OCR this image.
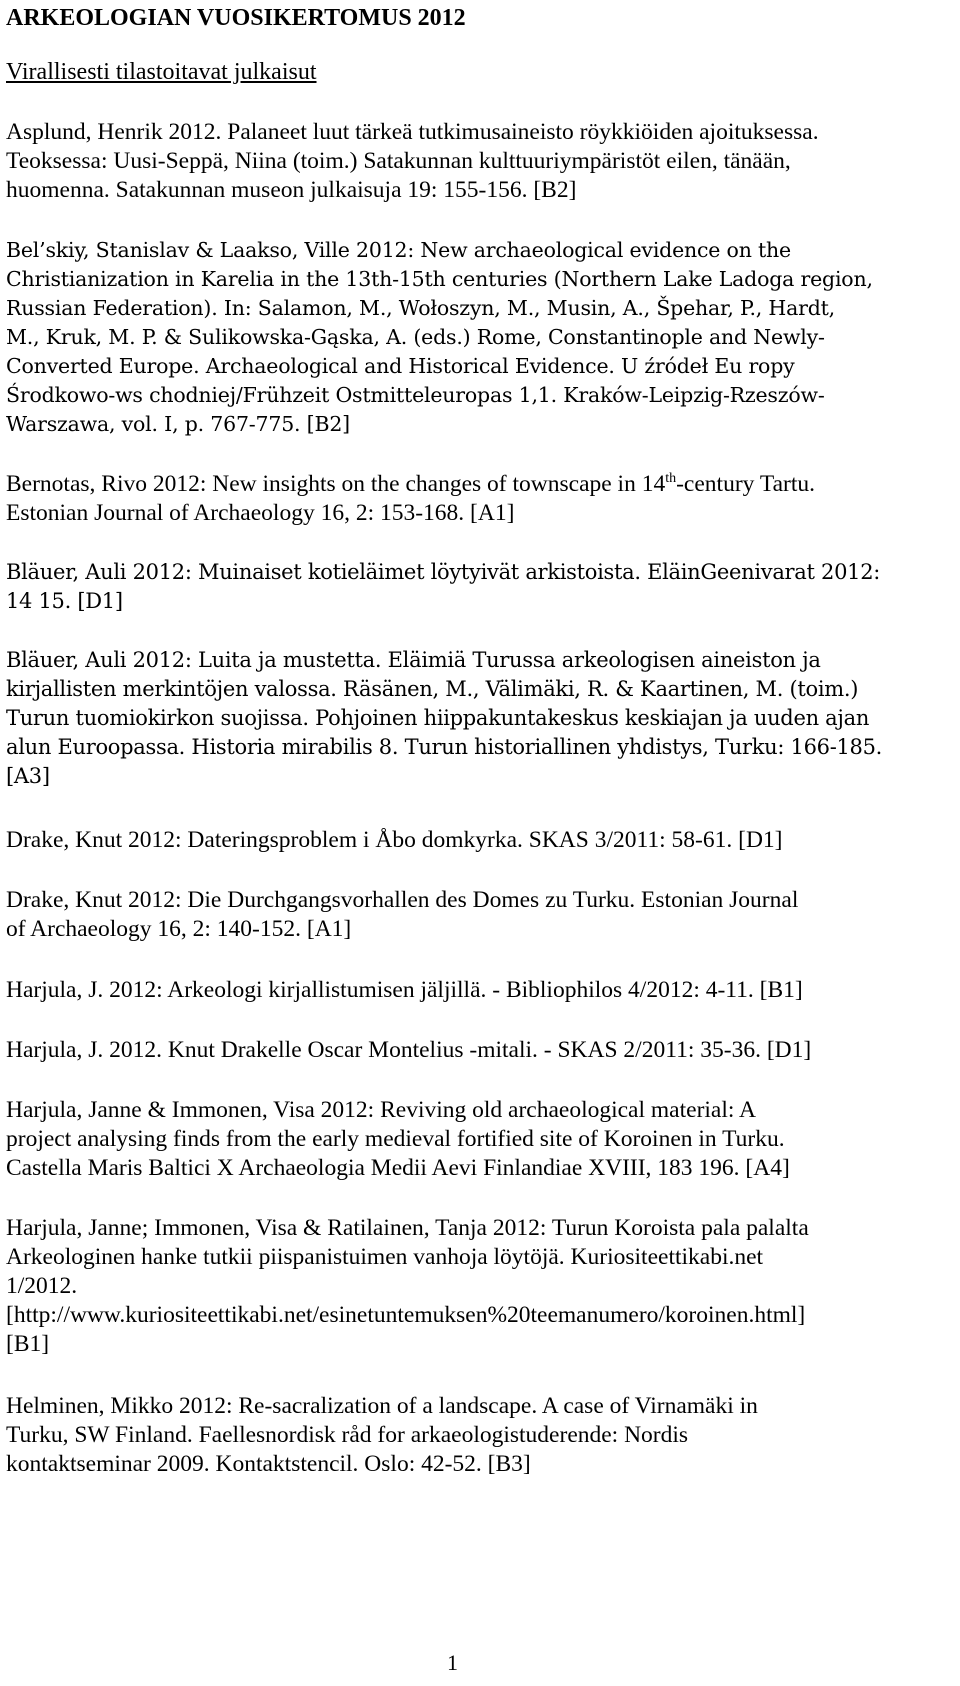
ARKEOLOGIAN VUOSIKERTOMUS 2012
Virallisesti tilastoitavat julkaisut

Asplund, Henrik 2012. Palaneet luut tärkeä tutkimusaineisto röykkiöiden ajoituksessa.
Teoksessa: Uusi-Seppä, Niina (toim.) Satakunnan kulttuuriympäristöt eilen, tänään,
huomenna. Satakunnan museon julkaisuja 19: 155-156. [B2]

Bel’skiy, Stanislav & Laakso, Ville 2012: New archaeological evidence on the
Christianization in Karelia in the 13th-15th centuries (Northern Lake Ladoga region,
Russian Federation). In: Salamon, M., Wołoszyn, M., Musin, A., Špehar, P., Hardt,
M., Kruk, M. P. & Sulikowska-Gąska, A. (eds.) Rome, Constantinople and Newly-
Converted Europe. Archaeological and Historical Evidence. U źródeł Eu ropy
Środkowo-ws chodniej/Frühzeit Ostmitteleuropas 1,1. Kraków-Leipzig-Rzeszów-
Warszawa, vol. I, p. 767-775. [B2]

Bernotas, Rivo 2012: New insights on the changes of townscape in 14th-century Tartu.
Estonian Journal of Archaeology 16, 2: 153-168. [A1]

Bläuer, Auli 2012: Muinaiset kotieläimet löytyivät arkistoista. EläinGeenivarat 2012:
14 15. [D1]

Bläuer, Auli 2012: Luita ja mustetta. Eläimiä Turussa arkeologisen aineiston ja
kirjallisten merkintöjen valossa. Räsänen, M., Välimäki, R. & Kaartinen, M. (toim.)
Turun tuomiokirkon suojissa. Pohjoinen hiippakuntakeskus keskiajan ja uuden ajan
alun Euroopassa. Historia mirabilis 8. Turun historiallinen yhdistys, Turku: 166-185.
[A3]

Drake, Knut 2012: Dateringsproblem i Åbo domkyrka. SKAS 3/2011: 58-61. [D1]

Drake, Knut 2012: Die Durchgangsvorhallen des Domes zu Turku. Estonian Journal
of Archaeology 16, 2: 140-152. [A1]

Harjula, J. 2012: Arkeologi kirjallistumisen jäljillä. - Bibliophilos 4/2012: 4-11. [B1]

Harjula, J. 2012. Knut Drakelle Oscar Montelius -mitali. - SKAS 2/2011: 35-36. [D1]

Harjula, Janne & Immonen, Visa 2012: Reviving old archaeological material: A
project analysing finds from the early medieval fortified site of Koroinen in Turku.
Castella Maris Baltici X Archaeologia Medii Aevi Finlandiae XVIII, 183 196. [A4]

Harjula, Janne; Immonen, Visa & Ratilainen, Tanja 2012: Turun Koroista pala palalta
Arkeologinen hanke tutkii piispanistuimen vanhoja löytöjä. Kuriositeettikabi.net
1/2012.
[http://www.kuriositeettikabi.net/esinetuntemuksen%20teemanumero/koroinen.html]
[B1]

Helminen, Mikko 2012: Re-sacralization of a landscape. A case of Virnamäki in
Turku, SW Finland. Faellesnordisk råd for arkaeologistuderende: Nordis
kontaktseminar 2009. Kontaktstencil. Oslo: 42-52. [B3]

1
